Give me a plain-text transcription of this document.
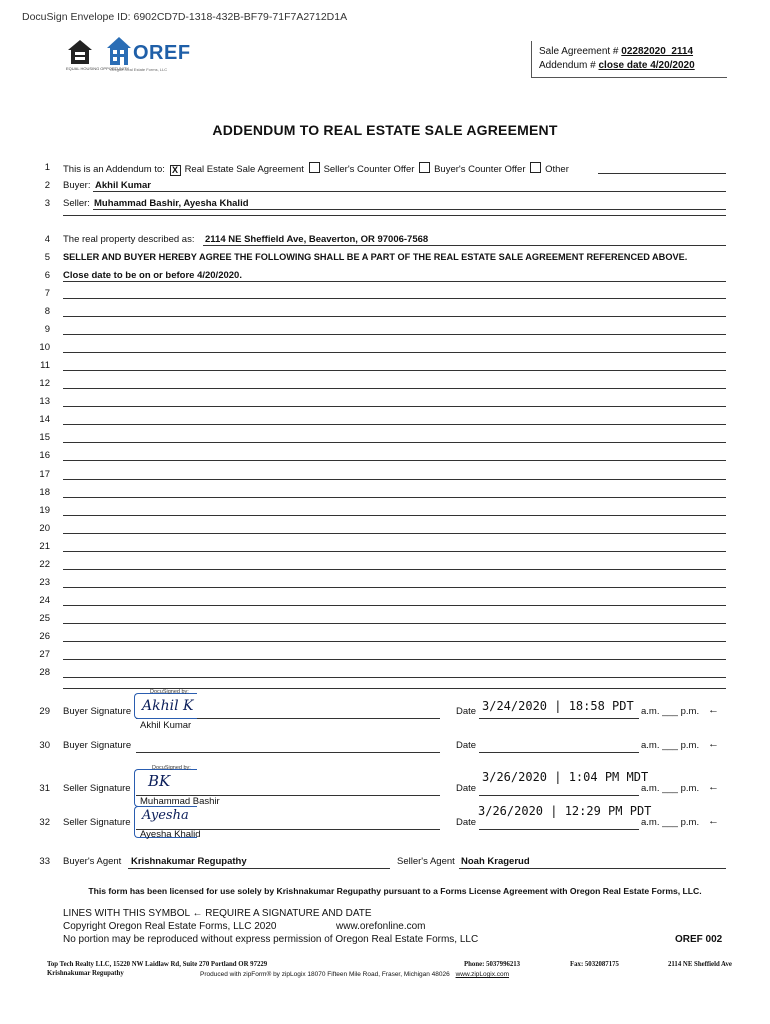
DocuSign Envelope ID: 6902CD7D-1318-432B-BF79-71F7A2712D1A
EQUAL HOUSING OPPORTUNITY
OREF
Oregon Real Estate Forms, LLC
Sale Agreement # 02282020_2114
Addendum # close date 4/20/2020
ADDENDUM TO REAL ESTATE SALE AGREEMENT
1 This is an Addendum to: X Real Estate Sale Agreement Seller's Counter Offer Buyer's Counter Offer Other
2 Buyer: Akhil Kumar
3 Seller: Muhammad Bashir, Ayesha Khalid
4 The real property described as: 2114 NE Sheffield Ave, Beaverton, OR 97006-7568
5 SELLER AND BUYER HEREBY AGREE THE FOLLOWING SHALL BE A PART OF THE REAL ESTATE SALE AGREEMENT REFERENCED ABOVE.
6 Close date to be on or before 4/20/2020.
7
8
9
10
11
12
13
14
15
16
17
18
19
20
21
22
23
24
25
26
27
28
29 Buyer Signature
DocuSigned by:
Akhil K
Akhil Kumar
Date 3/24/2020 | 18:58 PDT a.m. ___ p.m. ←
30 Buyer Signature	Date	a.m. ___ p.m. ←
31 Seller Signature
DocuSigned by:
BK
Muhammad Bashir
Date
3/26/2020 | 1:04 PM MDT
a.m. ___ p.m. ←
32 Seller Signature Ayesha
Ayesha Khalid
Date
3/26/2020 | 12:29 PM PDT
a.m. ___ p.m. ←
33 Buyer's Agent Krishnakumar Regupathy	Seller's Agent Noah Kragerud
This form has been licensed for use solely by Krishnakumar Regupathy pursuant to a Forms License Agreement with Oregon Real Estate Forms, LLC.
LINES WITH THIS SYMBOL ← REQUIRE A SIGNATURE AND DATE
Copyright Oregon Real Estate Forms, LLC 2020	www.orefonline.com
No portion may be reproduced without express permission of Oregon Real Estate Forms, LLC	OREF 002
Top Tech Realty LLC, 15220 NW Laidlaw Rd, Suite 270 Portland OR 97229
Krishnakumar Regupathy
Phone: 5037996213	Fax: 5032087175	2114 NE Sheffield Ave
Produced with zipForm® by zipLogix 18070 Fifteen Mile Road, Fraser, Michigan 48026 www.zipLogix.com
